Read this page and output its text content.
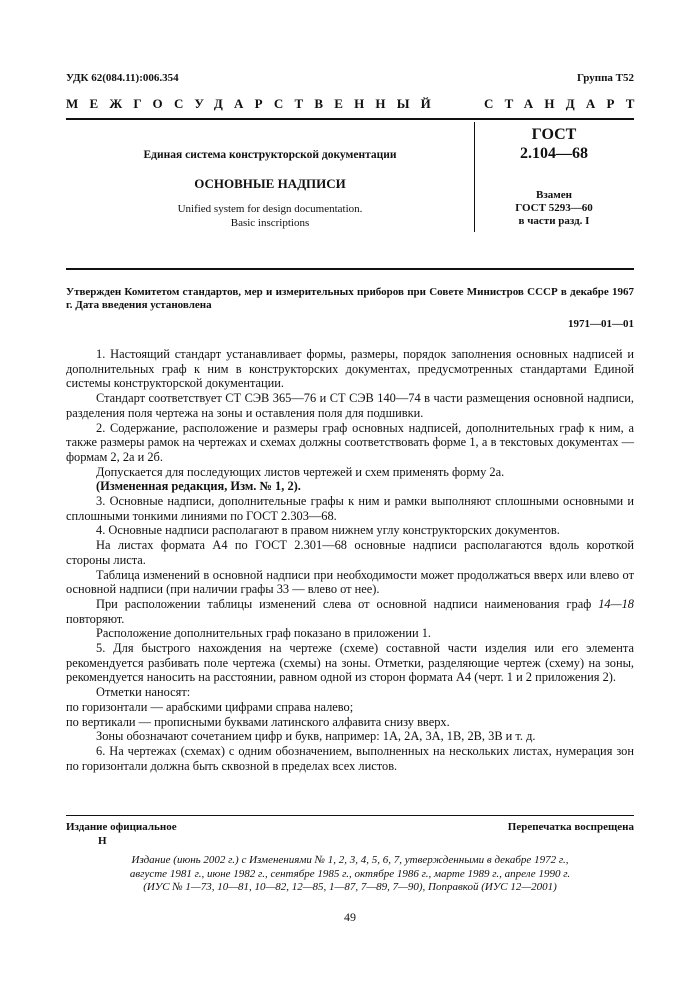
УДК 62(084.11):006.354	Группа Т52
МЕЖГОСУДАРСТВЕННЫЙ	СТАНДАРТ
Единая система конструкторской документации
ОСНОВНЫЕ НАДПИСИ
Unified system for design documentation.
Basic inscriptions
ГОСТ
2.104—68
Взамен
ГОСТ 5293—60
в части разд. I
Утвержден Комитетом стандартов, мер и измерительных приборов при Совете Министров СССР в декабре 1967 г. Дата введения установлена
1971—01—01

1. Настоящий стандарт устанавливает формы, размеры, порядок заполнения основных надписей и дополнительных граф к ним в конструкторских документах, предусмотренных стандартами Единой системы конструкторской документации.

Стандарт соответствует СТ СЭВ 365—76 и СТ СЭВ 140—74 в части размещения основной надписи, разделения поля чертежа на зоны и оставления поля для подшивки.

2. Содержание, расположение и размеры граф основных надписей, дополнительных граф к ним, а также размеры рамок на чертежах и схемах должны соответствовать форме 1, а в текстовых документах — формам 2, 2а и 2б.

Допускается для последующих листов чертежей и схем применять форму 2а.

(Измененная редакция, Изм. № 1, 2).

3. Основные надписи, дополнительные графы к ним и рамки выполняют сплошными основными и сплошными тонкими линиями по ГОСТ 2.303—68.

4. Основные надписи располагают в правом нижнем углу конструкторских документов.

На листах формата А4 по ГОСТ 2.301—68 основные надписи располагаются вдоль короткой стороны листа.

Таблица изменений в основной надписи при необходимости может продолжаться вверх или влево от основной надписи (при наличии графы 33 — влево от нее).

При расположении таблицы изменений слева от основной надписи наименования граф 14—18 повторяют.

Расположение дополнительных граф показано в приложении 1.

5. Для быстрого нахождения на чертеже (схеме) составной части изделия или его элемента рекомендуется разбивать поле чертежа (схемы) на зоны. Отметки, разделяющие чертеж (схему) на зоны, рекомендуется наносить на расстоянии, равном одной из сторон формата А4 (черт. 1 и 2 приложения 2).

Отметки наносят:

по горизонтали — арабскими цифрами справа налево;

по вертикали — прописными буквами латинского алфавита снизу вверх.

Зоны обозначают сочетанием цифр и букв, например: 1А, 2А, 3А, 1В, 2В, 3В и т. д.

6. На чертежах (схемах) с одним обозначением, выполненных на нескольких листах, нумерация зон по горизонтали должна быть сквозной в пределах всех листов.

Издание официальное
Н
Перепечатка воспрещена
Издание (июнь 2002 г.) с Изменениями № 1, 2, 3, 4, 5, 6, 7, утвержденными в декабре 1972 г.,
августе 1981 г., июне 1982 г., сентябре 1985 г., октябре 1986 г., марте 1989 г., апреле 1990 г.
(ИУС № 1—73, 10—81, 10—82, 12—85, 1—87, 7—89, 7—90), Поправкой (ИУС 12—2001)
49
